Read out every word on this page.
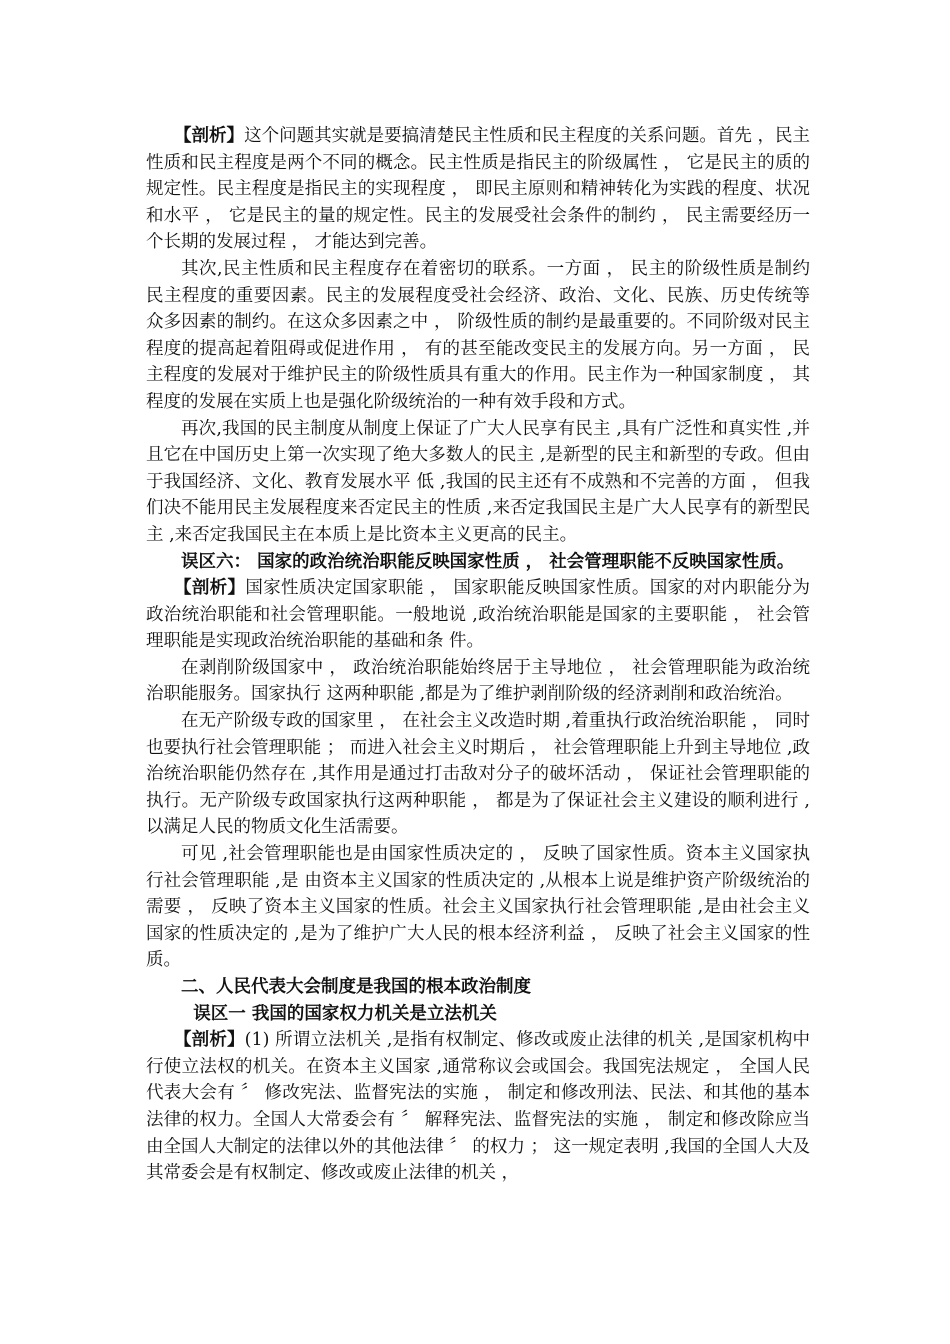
【剖析】这个问题其实就是要搞清楚民主性质和民主程度的关系问题。首先 ，民主性质和民主程度是两个不同的概念。民主性质是指民主的阶级属性 ， 它是民主的质的规定性。民主程度是指民主的实现程度 ， 即民主原则和精神转化为实践的程度、状况和水平 ， 它是民主的量的规定性。民主的发展受社会条件的制约 ， 民主需要经历一个长期的发展过程 ， 才能达到完善。

其次,民主性质和民主程度存在着密切的联系。一方面 ， 民主的阶级性质是制约民主程度的重要因素。民主的发展程度受社会经济、政治、文化、民族、历史传统等众多因素的制约。在这众多因素之中 ， 阶级性质的制约是最重要的。不同阶级对民主程度的提高起着阻碍或促进作用 ， 有的甚至能改变民主的发展方向。另一方面 ， 民主程度的发展对于维护民主的阶级性质具有重大的作用。民主作为一种国家制度 ， 其程度的发展在实质上也是强化阶级统治的一种有效手段和方式。

再次,我国的民主制度从制度上保证了广大人民享有民主 ,具有广泛性和真实性 ,并且它在中国历史上第一次实现了绝大多数人的民主 ,是新型的民主和新型的专政。但由于我国经济、文化、教育发展水平 低 ,我国的民主还有不成熟和不完善的方面 ， 但我们决不能用民主发展程度来否定民主的性质 ,来否定我国民主是广大人民享有的新型民主 ,来否定我国民主在本质上是比资本主义更高的民主。

误区六： 国家的政治统治职能反映国家性质 ， 社会管理职能不反映国家性质。

【剖析】国家性质决定国家职能 ， 国家职能反映国家性质。国家的对内职能分为政治统治职能和社会管理职能。一般地说 ,政治统治职能是国家的主要职能 ， 社会管理职能是实现政治统治职能的基础和条 件。

在剥削阶级国家中 ， 政治统治职能始终居于主导地位 ， 社会管理职能为政治统治职能服务。国家执行 这两种职能 ,都是为了维护剥削阶级的经济剥削和政治统治。

在无产阶级专政的国家里 ， 在社会主义改造时期 ,着重执行政治统治职能 ， 同时也要执行社会管理职能 ； 而进入社会主义时期后 ， 社会管理职能上升到主导地位 ,政治统治职能仍然存在 ,其作用是通过打击敌对分子的破坏活动 ， 保证社会管理职能的执行。无产阶级专政国家执行这两种职能 ， 都是为了保证社会主义建设的顺利进行 ,以满足人民的物质文化生活需要。

可见 ,社会管理职能也是由国家性质决定的 ， 反映了国家性质。资本主义国家执行社会管理职能 ,是 由资本主义国家的性质决定的 ,从根本上说是维护资产阶级统治的需要 ， 反映了资本主义国家的性质。社会主义国家执行社会管理职能 ,是由社会主义国家的性质决定的 ,是为了维护广大人民的根本经济利益 ， 反映了社会主义国家的性质。

二、人民代表大会制度是我国的根本政治制度

误区一 我国的国家权力机关是立法机关

【剖析】(1) 所谓立法机关 ,是指有权制定、修改或废止法律的机关 ,是国家机构中行使立法权的机关。在资本主义国家 ,通常称议会或国会。我国宪法规定 ， 全国人民代表大会有 〞 修改宪法、监督宪法的实施 ， 制定和修改刑法、民法、和其他的基本法律的权力。全国人大常委会有 〞 解释宪法、监督宪法的实施 ， 制定和修改除应当由全国人大制定的法律以外的其他法律 〞 的权力 ； 这一规定表明 ,我国的全国人大及其常委会是有权制定、修改或废止法律的机关 ，
